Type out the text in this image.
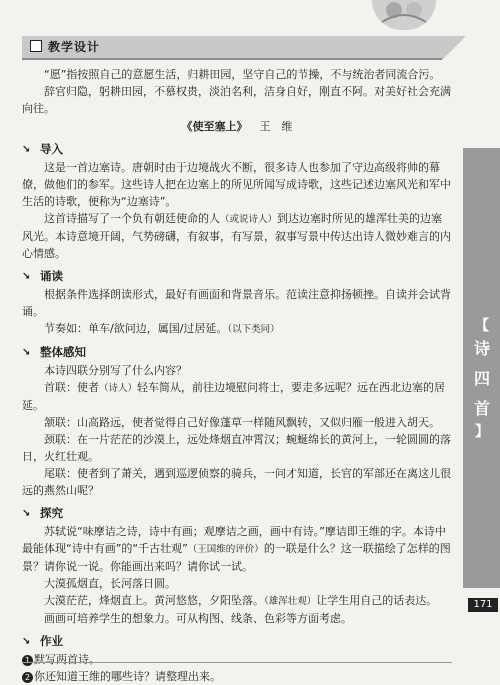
教学设计
【
诗
四
首
】
171

“愿”指按照自己的意愿生活，归耕田园，坚守自己的节操，不与统治者同流合污。

辞官归隐，躬耕田园，不慕权贵，淡泊名利，洁身自好，刚直不阿。对美好社会充满向往。

《使至塞上》 王　维

↘ 导入

这是一首边塞诗。唐朝时由于边境战火不断，很多诗人也参加了守边高级将帅的幕僚，做他们的参军。这些诗人把在边塞上的所见所闻写成诗歌，这些记述边塞风光和军中生活的诗歌，便称为“边塞诗”。

这首诗描写了一个负有朝廷使命的人（或说诗人）到达边塞时所见的雄浑壮美的边塞风光。本诗意境开阔，气势磅礴，有叙事，有写景，叙事写景中传达出诗人微妙难言的内心情感。

↘ 诵读

根据条件选择朗读形式，最好有画面和背景音乐。范读注意抑扬顿挫。自读并会试背诵。

节奏如：单车/欲问边，属国/过居延。（以下类同）

↘ 整体感知

本诗四联分别写了什么内容？

首联：使者（诗人）轻车简从，前往边境慰问将士，要走多远呢？远在西北边塞的居延。

颔联：山高路远，使者觉得自己好像蓬草一样随风飘转，又似归雁一般进入胡天。

颈联：在一片茫茫的沙漠上，远处烽烟直冲霄汉；蜿蜒绵长的黄河上，一轮圆圆的落日，火红壮观。

尾联：使者到了萧关，遇到巡逻侦察的骑兵，一问才知道，长官的军部还在离这儿很远的燕然山呢？

↘ 探究

苏轼说“味摩诘之诗，诗中有画；观摩诘之画，画中有诗。”摩诘即王维的字。本诗中最能体现“诗中有画”的“千古壮观”（王国维的评价）的一联是什么？这一联描绘了怎样的图景？请你说一说。你能画出来吗？请你试一试。

大漠孤烟直，长河落日圆。

大漠茫茫，烽烟直上。黄河悠悠，夕阳坠落。（雄浑壮观）让学生用自己的话表达。

画画可培养学生的想象力。可从构图、线条、色彩等方面考虑。

↘ 作业

1 默写两首诗。

2 你还知道王维的哪些诗？请整理出来。
